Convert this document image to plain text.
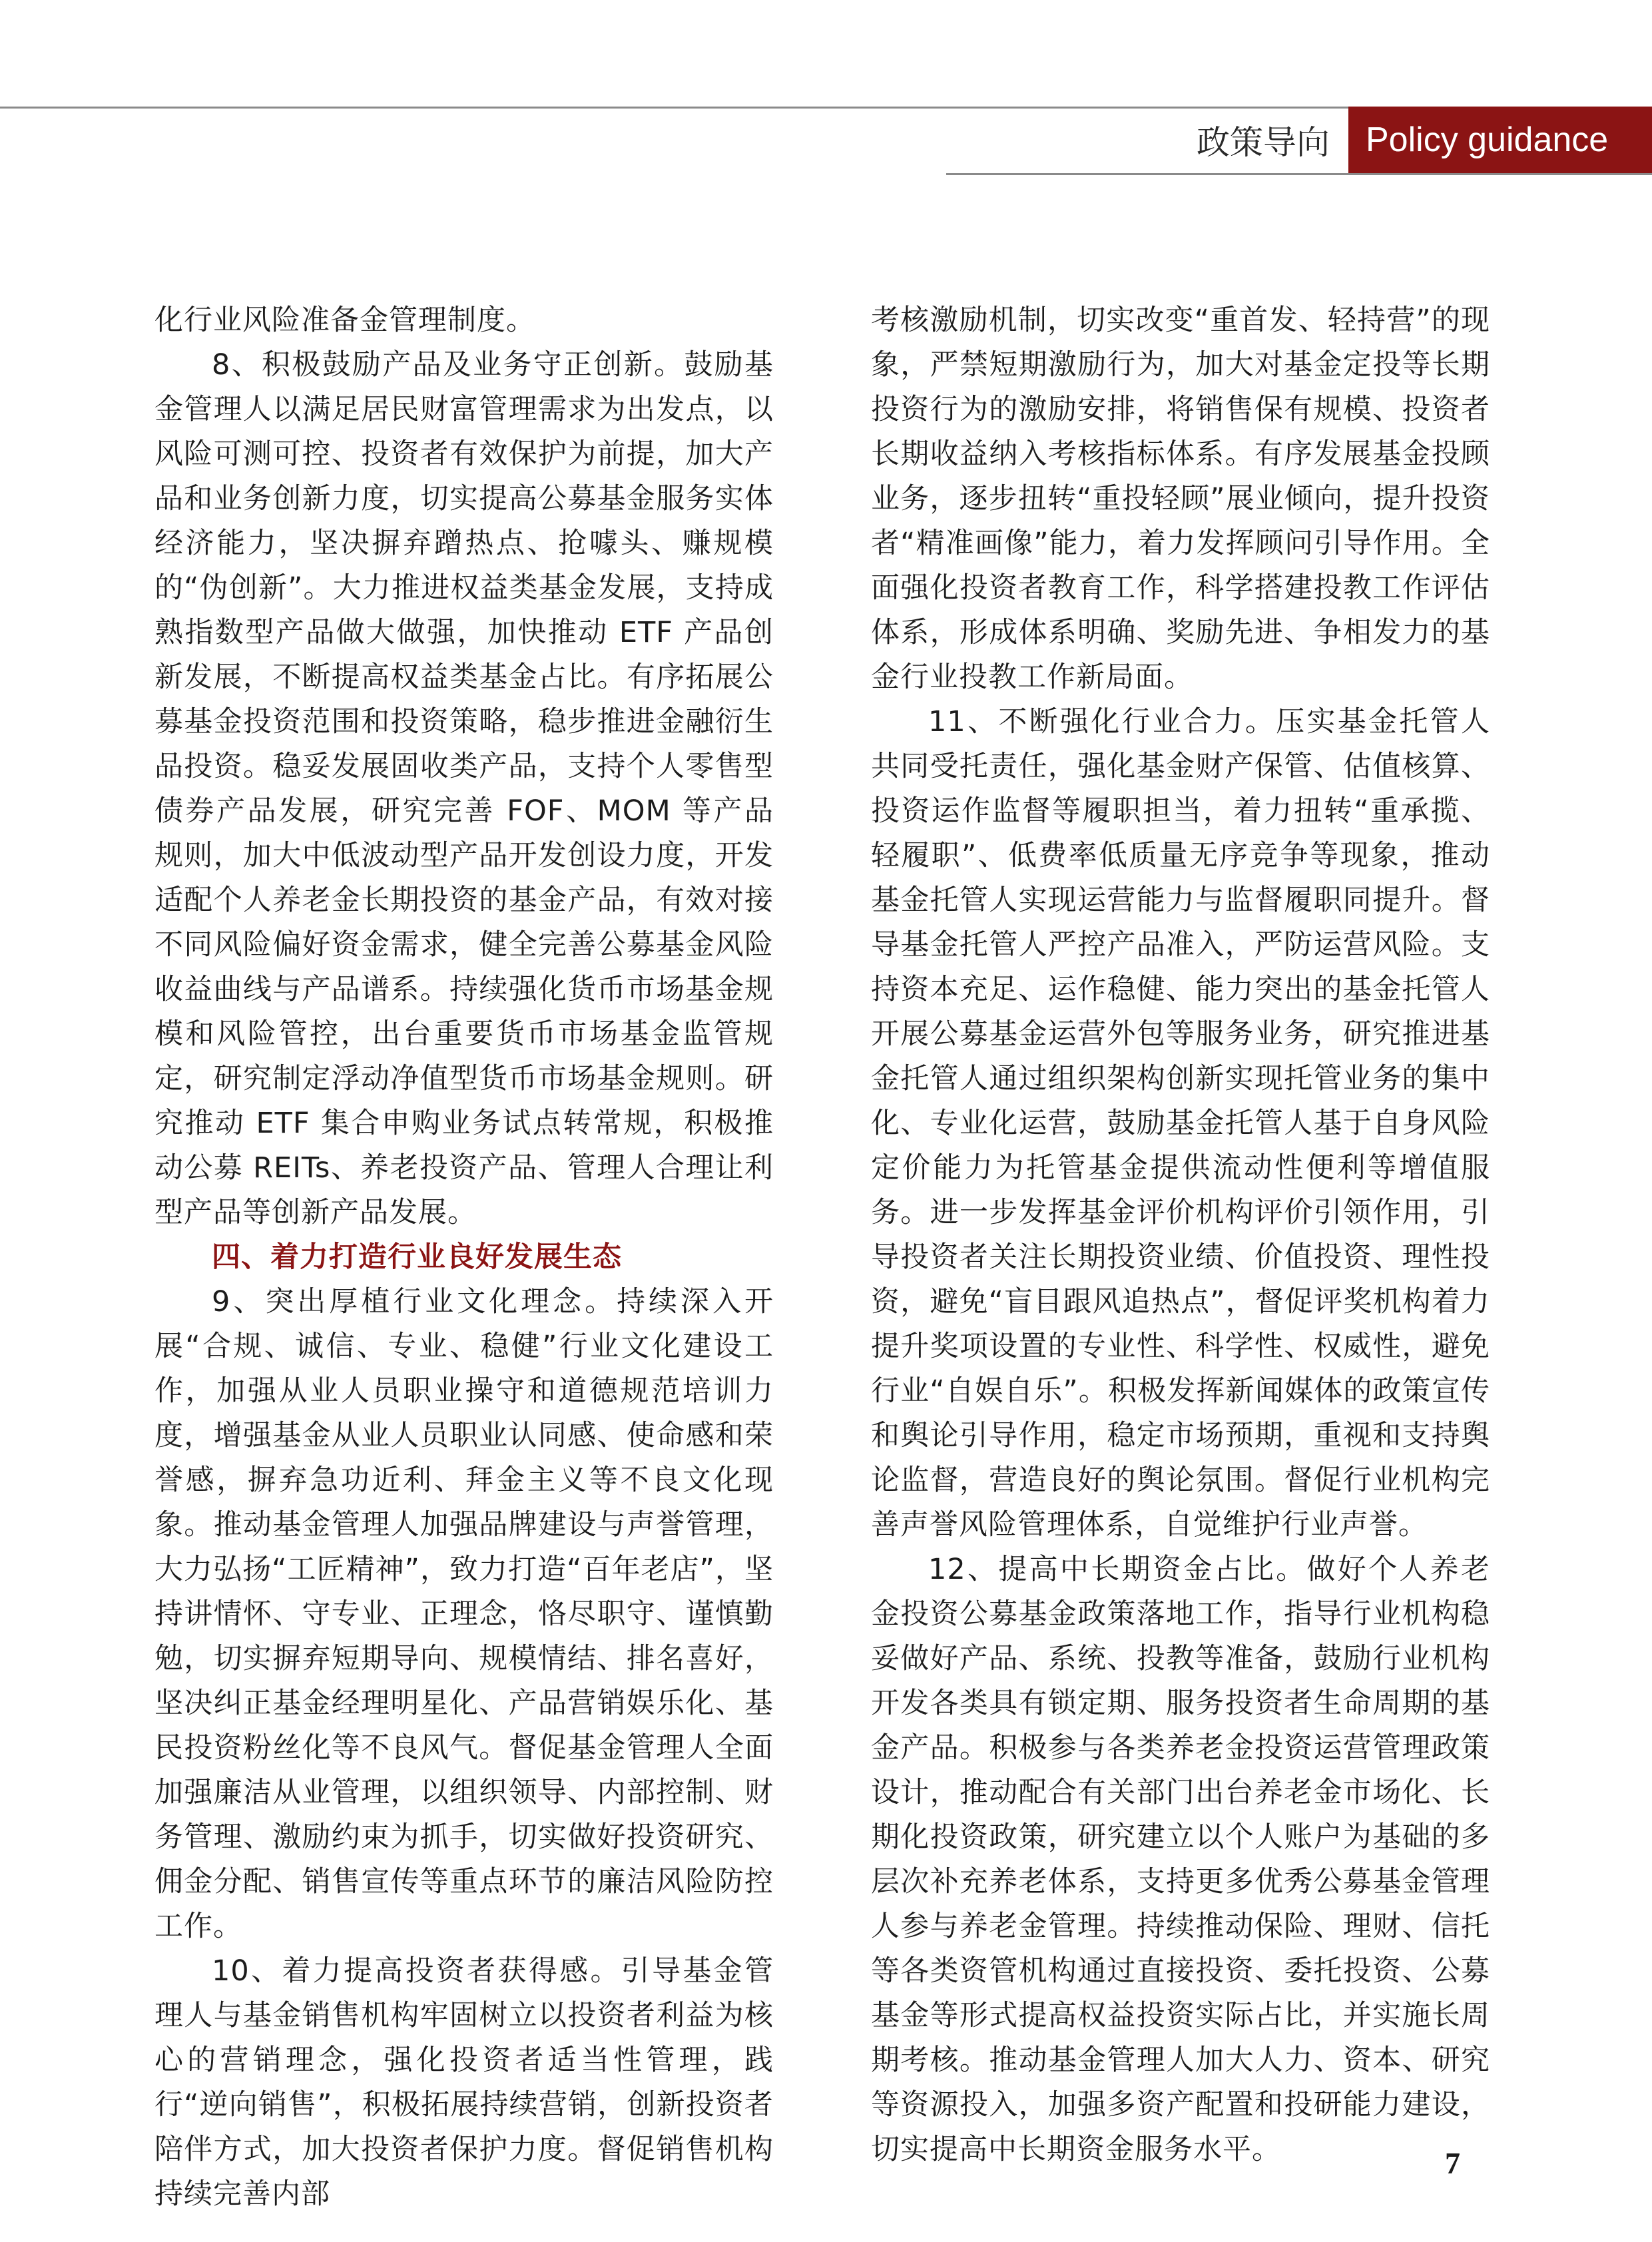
政策导向	Policy guidance

化行业风险准备金管理制度。

8、积极鼓励产品及业务守正创新。鼓励基金管理人以满足居民财富管理需求为出发点，以风险可测可控、投资者有效保护为前提，加大产品和业务创新力度，切实提高公募基金服务实体经济能力，坚决摒弃蹭热点、抢噱头、赚规模的“伪创新”。大力推进权益类基金发展，支持成熟指数型产品做大做强，加快推动 ETF 产品创新发展，不断提高权益类基金占比。有序拓展公募基金投资范围和投资策略，稳步推进金融衍生品投资。稳妥发展固收类产品，支持个人零售型债券产品发展，研究完善 FOF、MOM 等产品规则，加大中低波动型产品开发创设力度，开发适配个人养老金长期投资的基金产品，有效对接不同风险偏好资金需求，健全完善公募基金风险收益曲线与产品谱系。持续强化货币市场基金规模和风险管控，出台重要货币市场基金监管规定，研究制定浮动净值型货币市场基金规则。研究推动 ETF 集合申购业务试点转常规，积极推动公募 REITs、养老投资产品、管理人合理让利型产品等创新产品发展。

四、着力打造行业良好发展生态

9、突出厚植行业文化理念。持续深入开展“合规、诚信、专业、稳健”行业文化建设工作，加强从业人员职业操守和道德规范培训力度，增强基金从业人员职业认同感、使命感和荣誉感，摒弃急功近利、拜金主义等不良文化现象。推动基金管理人加强品牌建设与声誉管理，大力弘扬“工匠精神”，致力打造“百年老店”，坚持讲情怀、守专业、正理念，恪尽职守、谨慎勤勉，切实摒弃短期导向、规模情结、排名喜好，坚决纠正基金经理明星化、产品营销娱乐化、基民投资粉丝化等不良风气。督促基金管理人全面加强廉洁从业管理，以组织领导、内部控制、财务管理、激励约束为抓手，切实做好投资研究、佣金分配、销售宣传等重点环节的廉洁风险防控工作。

10、着力提高投资者获得感。引导基金管理人与基金销售机构牢固树立以投资者利益为核心的营销理念，强化投资者适当性管理，践行“逆向销售”，积极拓展持续营销，创新投资者陪伴方式，加大投资者保护力度。督促销售机构持续完善内部

考核激励机制，切实改变“重首发、轻持营”的现象，严禁短期激励行为，加大对基金定投等长期投资行为的激励安排，将销售保有规模、投资者长期收益纳入考核指标体系。有序发展基金投顾业务，逐步扭转“重投轻顾”展业倾向，提升投资者“精准画像”能力，着力发挥顾问引导作用。全面强化投资者教育工作，科学搭建投教工作评估体系，形成体系明确、奖励先进、争相发力的基金行业投教工作新局面。

11、不断强化行业合力。压实基金托管人共同受托责任，强化基金财产保管、估值核算、投资运作监督等履职担当，着力扭转“重承揽、轻履职”、低费率低质量无序竞争等现象，推动基金托管人实现运营能力与监督履职同提升。督导基金托管人严控产品准入，严防运营风险。支持资本充足、运作稳健、能力突出的基金托管人开展公募基金运营外包等服务业务，研究推进基金托管人通过组织架构创新实现托管业务的集中化、专业化运营，鼓励基金托管人基于自身风险定价能力为托管基金提供流动性便利等增值服务。进一步发挥基金评价机构评价引领作用，引导投资者关注长期投资业绩、价值投资、理性投资，避免“盲目跟风追热点”，督促评奖机构着力提升奖项设置的专业性、科学性、权威性，避免行业“自娱自乐”。积极发挥新闻媒体的政策宣传和舆论引导作用，稳定市场预期，重视和支持舆论监督，营造良好的舆论氛围。督促行业机构完善声誉风险管理体系，自觉维护行业声誉。

12、提高中长期资金占比。做好个人养老金投资公募基金政策落地工作，指导行业机构稳妥做好产品、系统、投教等准备，鼓励行业机构开发各类具有锁定期、服务投资者生命周期的基金产品。积极参与各类养老金投资运营管理政策设计，推动配合有关部门出台养老金市场化、长期化投资政策，研究建立以个人账户为基础的多层次补充养老体系，支持更多优秀公募基金管理人参与养老金管理。持续推动保险、理财、信托等各类资管机构通过直接投资、委托投资、公募基金等形式提高权益投资实际占比，并实施长周期考核。推动基金管理人加大人力、资本、研究等资源投入，加强多资产配置和投研能力建设，切实提高中长期资金服务水平。	7
